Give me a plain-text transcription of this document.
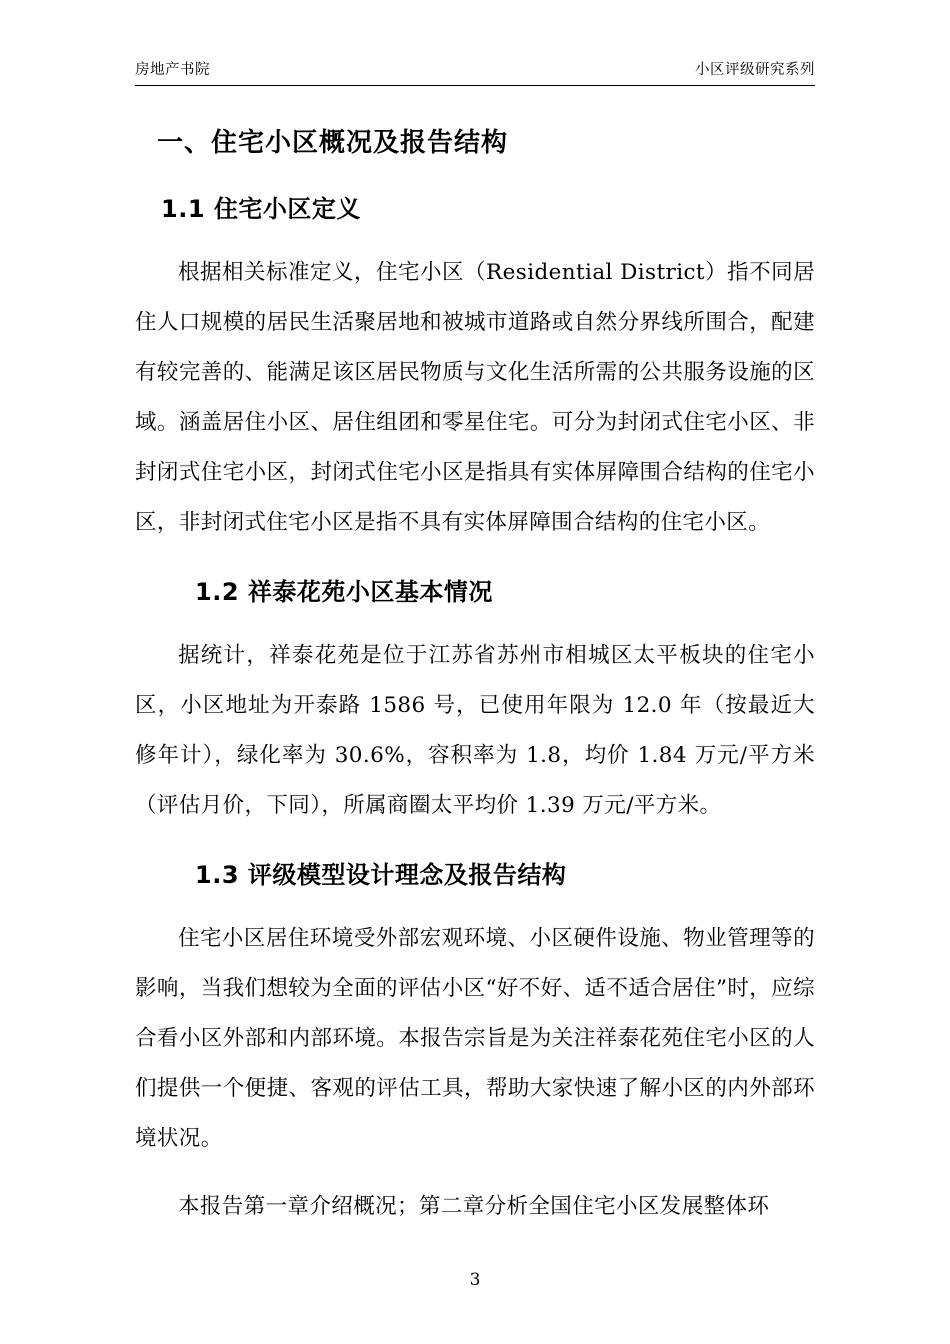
房地产书院	小区评级研究系列
一、住宅小区概况及报告结构
1.1 住宅小区定义

根据相关标准定义，住宅小区（Residential District）指不同居住人口规模的居民生活聚居地和被城市道路或自然分界线所围合，配建有较完善的、能满足该区居民物质与文化生活所需的公共服务设施的区域。涵盖居住小区、居住组团和零星住宅。可分为封闭式住宅小区、非封闭式住宅小区，封闭式住宅小区是指具有实体屏障围合结构的住宅小区，非封闭式住宅小区是指不具有实体屏障围合结构的住宅小区。

1.2 祥泰花苑小区基本情况

据统计，祥泰花苑是位于江苏省苏州市相城区太平板块的住宅小区，小区地址为开泰路 1586 号，已使用年限为 12.0 年（按最近大修年计），绿化率为 30.6%，容积率为 1.8，均价 1.84 万元/平方米（评估月价，下同），所属商圈太平均价 1.39 万元/平方米。

1.3 评级模型设计理念及报告结构

住宅小区居住环境受外部宏观环境、小区硬件设施、物业管理等的影响，当我们想较为全面的评估小区“好不好、适不适合居住”时，应综合看小区外部和内部环境。本报告宗旨是为关注祥泰花苑住宅小区的人们提供一个便捷、客观的评估工具，帮助大家快速了解小区的内外部环境状况。

本报告第一章介绍概况；第二章分析全国住宅小区发展整体环

3
